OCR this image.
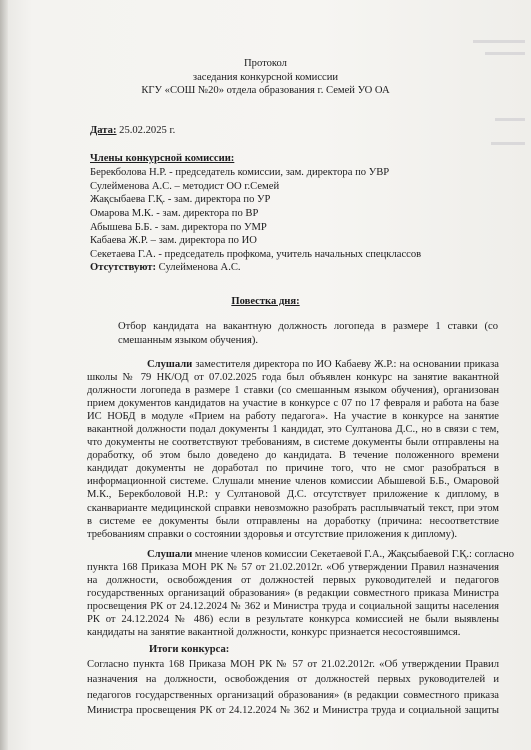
Протокол
заседания конкурсной комиссии
КГУ «СОШ №20» отдела образования г. Семей УО ОА
Дата: 25.02.2025 г.
Члены конкурсной комиссии:
Берекболова Н.Р. - председатель комиссии, зам. директора по УВР
Сулейменова А.С. – методист ОО г.Семей
Жақсыбаева Г.Қ. - зам. директора по УР
Омарова М.К. - зам. директора по ВР
Абышева Б.Б. - зам. директора по УМР
Кабаева Ж.Р. – зам. директора по ИО
Секетаева Г.А. - председатель профкома, учитель начальных спецклассов
Отсутствуют: Сулейменова А.С.
Повестка дня:
Отбор кандидата на вакантную должность логопеда в размере 1 ставки (со
смешанным языком обучения).
Слушали заместителя директора по ИО Кабаеву Ж.Р.: на основании приказа
школы № 79 НК/ОД от 07.02.2025 года был объявлен конкурс на занятие вакантной
должности логопеда в размере 1 ставки (со смешанным языком обучения), организован
прием документов кандидатов на участие в конкурсе с 07 по 17 февраля и работа на базе
ИС НОБД в модуле «Прием на работу педагога». На участие в конкурсе на занятие
вакантной должности подал документы 1 кандидат, это Султанова Д.С., но в связи с тем,
что документы не соответствуют требованиям, в системе документы были отправлены на
доработку, об этом было доведено до кандидата. В течение положенного времени
кандидат документы не доработал по причине того, что не смог разобраться в
информационной системе. Слушали мнение членов комиссии Абышевой Б.Б., Омаровой
М.К., Берекболовой Н.Р.: у Султановой Д.С. отсутствует приложение к диплому, в
сканварианте медицинской справки невозможно разобрать расплывчатый текст, при этом
в системе ее документы были отправлены на доработку (причина: несоответствие
требованиям справки о состоянии здоровья и отсутствие приложения к диплому).
Слушали мнение членов комиссии Секетаевой Г.А., Жақсыбаевой Г.Қ.: согласно
пункта 168 Приказа МОН РК № 57 от 21.02.2012г. «Об утверждении Правил назначения
на должности, освобождения от должностей первых руководителей и педагогов
государственных организаций образования» (в редакции совместного приказа Министра
просвещения РК от 24.12.2024 № 362 и Министра труда и социальной защиты населения
РК от 24.12.2024 № 486) если в результате конкурса комиссией не были выявлены
кандидаты на занятие вакантной должности, конкурс признается несостоявшимся.
Итоги конкурса:
Согласно пункта 168 Приказа МОН РК № 57 от 21.02.2012г. «Об утверждении Правил
назначения на должности, освобождения от должностей первых руководителей и
педагогов государственных организаций образования» (в редакции совместного приказа
Министра просвещения РК от 24.12.2024 № 362 и Министра труда и социальной защиты
